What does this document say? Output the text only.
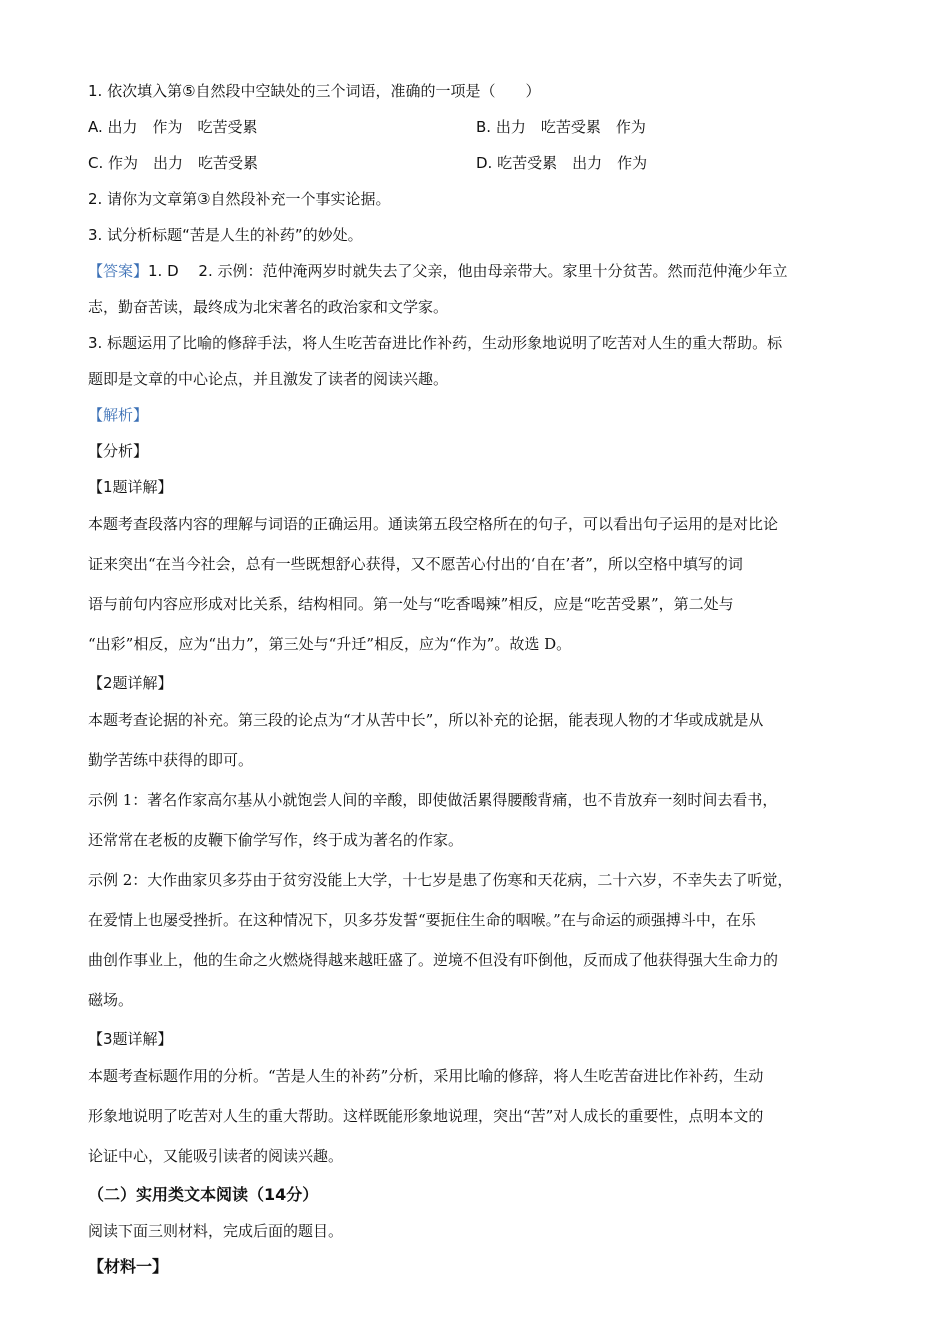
1. 依次填入第⑤自然段中空缺处的三个词语，准确的一项是（　　）
A. 出力　作为　吃苦受累	B. 出力　吃苦受累　作为
C. 作为　出力　吃苦受累	D. 吃苦受累　出力　作为
2. 请你为文章第③自然段补充一个事实论据。
3. 试分析标题“苦是人生的补药”的妙处。
【答案】1. D　 2. 示例：范仲淹两岁时就失去了父亲，他由母亲带大。家里十分贫苦。然而范仲淹少年立
志，勤奋苦读，最终成为北宋著名的政治家和文学家。
3. 标题运用了比喻的修辞手法，将人生吃苦奋进比作补药，生动形象地说明了吃苦对人生的重大帮助。标
题即是文章的中心论点，并且激发了读者的阅读兴趣。
【解析】
【分析】
【1题详解】
本题考查段落内容的理解与词语的正确运用。通读第五段空格所在的句子，可以看出句子运用的是对比论
证来突出“在当今社会，总有一些既想舒心获得，又不愿苦心付出的‘自在’者”，所以空格中填写的词
语与前句内容应形成对比关系，结构相同。第一处与“吃香喝辣”相反，应是“吃苦受累”，第二处与
“出彩”相反，应为“出力”，第三处与“升迁”相反，应为“作为”。故选 D。
【2题详解】
本题考查论据的补充。第三段的论点为“才从苦中长”，所以补充的论据，能表现人物的才华或成就是从
勤学苦练中获得的即可。
示例 1：著名作家高尔基从小就饱尝人间的辛酸，即使做活累得腰酸背痛，也不肯放弃一刻时间去看书，
还常常在老板的皮鞭下偷学写作，终于成为著名的作家。
示例 2：大作曲家贝多芬由于贫穷没能上大学，十七岁是患了伤寒和天花病，二十六岁，不幸失去了听觉，
在爱情上也屡受挫折。在这种情况下，贝多芬发誓“要扼住生命的咽喉。”在与命运的顽强搏斗中，在乐
曲创作事业上，他的生命之火燃烧得越来越旺盛了。逆境不但没有吓倒他，反而成了他获得强大生命力的
磁场。
【3题详解】
本题考查标题作用的分析。“苦是人生的补药”分析，采用比喻的修辞，将人生吃苦奋进比作补药，生动
形象地说明了吃苦对人生的重大帮助。这样既能形象地说理，突出“苦”对人成长的重要性，点明本文的
论证中心，又能吸引读者的阅读兴趣。
（二）实用类文本阅读（14分）
阅读下面三则材料，完成后面的题目。
【材料一】
